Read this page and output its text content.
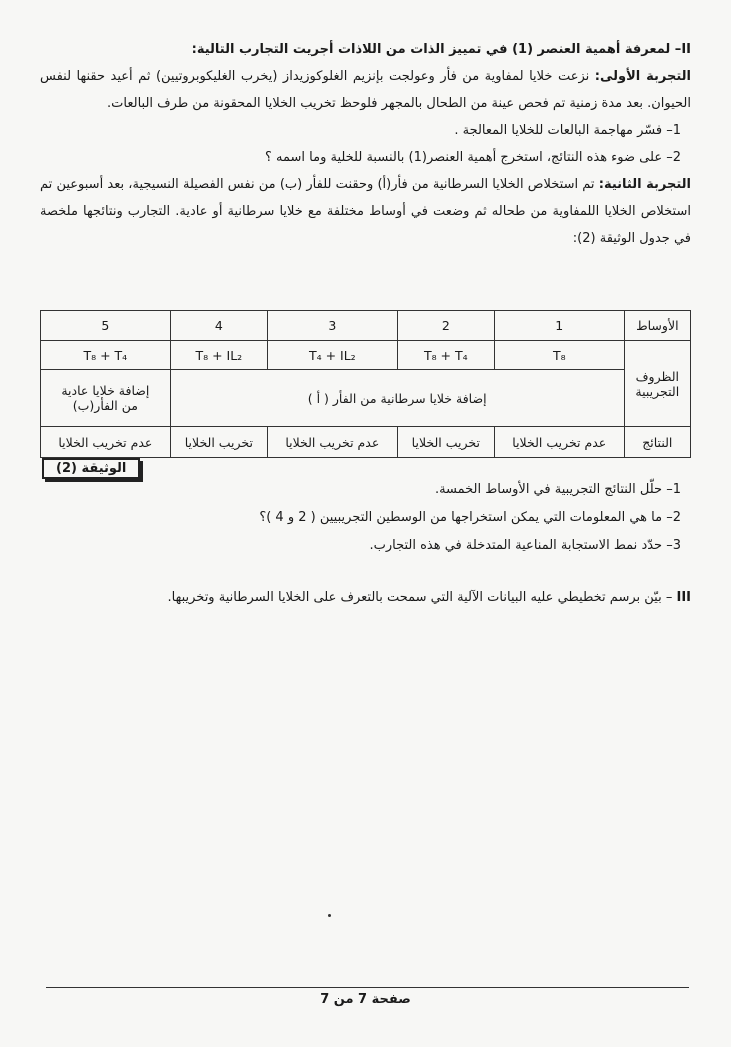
II– لمعرفة أهمية العنصر (1) في تمييز الذات من اللاذات أجريت التجارب التالية:

التجربة الأولى: نزعت خلايا لمفاوية من فأر وعولجت بإنزيم الغلوكوزيداز (يخرب الغليكوبروتيين) ثم أعيد حقنها لنفس الحيوان. بعد مدة زمنية تم فحص عينة من الطحال بالمجهر فلوحظ تخريب الخلايا المحقونة من طرف البالعات.

1– فسّر مهاجمة البالعات للخلايا المعالجة .

2– على ضوء هذه النتائج، استخرج أهمية العنصر(1) بالنسبة للخلية وما اسمه ؟

التجربة الثانية: تم استخلاص الخلايا السرطانية من فأر(أ) وحقنت للفأر (ب) من نفس الفصيلة النسيجية، بعد أسبوعين تم استخلاص الخلايا اللمفاوية من طحاله ثم وضعت في أوساط مختلفة مع خلايا سرطانية أو عادية. التجارب ونتائجها ملخصة في جدول الوثيقة (2):

الأوساط	1	2	3	4	5

الظروف
التجريبية	T₈	T₈ + T₄	T₄ + IL₂	T₈ + IL₂	T₈ + T₄
	إضافة خلايا سرطانية من الفأر ( أ )				إضافة خلايا عادية
من الفأر(ب)

النتائج	عدم تخريب الخلايا	تخريب الخلايا	عدم تخريب الخلايا	تخريب الخلايا	عدم تخريب الخلايا
الوثيقة (2)

1– حلّل النتائج التجريبية في الأوساط الخمسة.

2– ما هي المعلومات التي يمكن استخراجها من الوسطين التجريبيين ( 2 و 4 )؟

3– حدّد نمط الاستجابة المناعية المتدخلة في هذه التجارب.

III – بيّن برسم تخطيطي عليه البيانات الآلية التي سمحت بالتعرف على الخلايا السرطانية وتخريبها.
صفحة 7 من 7
